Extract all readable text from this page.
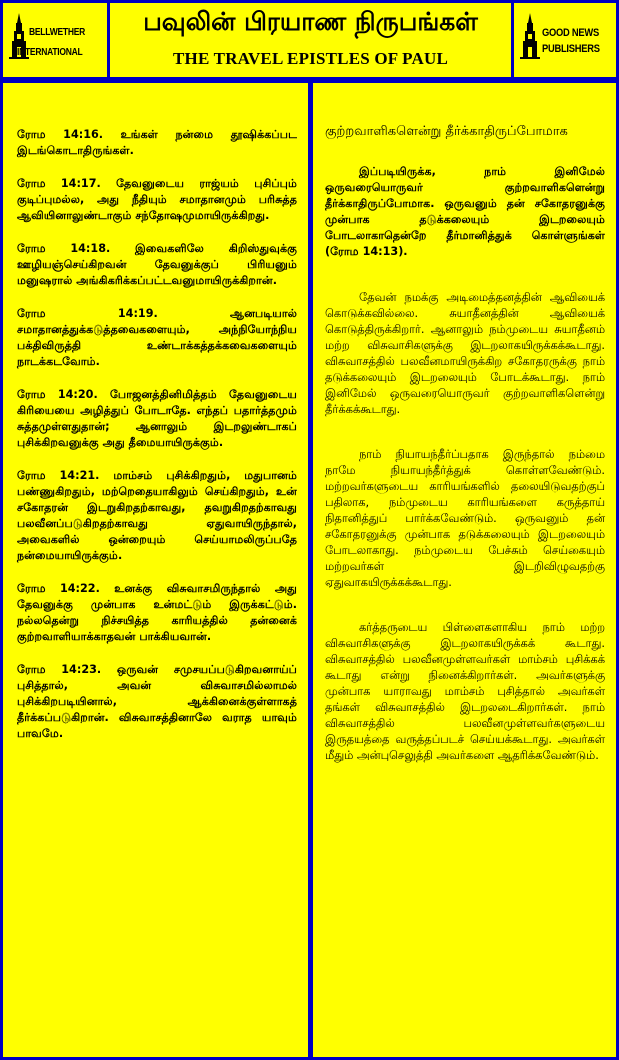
BELLWETHER
INTERNATIONAL
பவுலின் பிரயாண நிருபங்கள்
THE TRAVEL EPISTLES OF PAUL
GOOD NEWS
PUBLISHERS

ரோம 14:16. உங்கள் நன்மை தூஷிக்கப்பட இடங்கொடாதிருங்கள்.

ரோம 14:17. தேவனுடைய ராஜ்யம் புசிப்பும் குடிப்புமல்ல, அது நீதியும் சமாதானமும் பரிசுத்த ஆவியினாலுண்டாகும் சந்தோஷமுமாயிருக்கிறது.

ரோம 14:18. இவைகளிலே கிறிஸ்துவுக்கு ஊழியஞ்செய்கிறவன் தேவனுக்குப் பிரியனும் மனுஷரால் அங்கிகரிக்கப்பட்டவனுமாயிருக்கிறான்.

ரோம 14:19. ஆனபடியால் சமாதானத்துக்கடுத்தவைகளையும், அந்நியோந்நிய பக்திவிருத்தி உண்டாக்கத்தக்கவைகளையும் நாடக்கடவோம்.

ரோம 14:20. போஜனத்தினிமித்தம் தேவனுடைய கிரியையை அழித்துப் போடாதே. எந்தப் பதார்த்தமும் சுத்தமுள்ளதுதான்; ஆனாலும் இடறலுண்டாகப் புசிக்கிறவனுக்கு அது தீமையாயிருக்கும்.

ரோம 14:21. மாம்சம் புசிக்கிறதும், மதுபானம் பண்ணுகிறதும், மற்றெதையாகிலும் செய்கிறதும், உன் சகோதரன் இடறுகிறதற்காவது, தவறுகிறதற்காவது பலவீனப்படுகிறதற்காவது ஏதுவாயிருந்தால், அவைகளில் ஒன்றையும் செய்யாமலிருப்பதே நன்மையாயிருக்கும்.

ரோம 14:22. உனக்கு விசுவாசமிருந்தால் அது தேவனுக்கு முன்பாக உன்மட்டும் இருக்கட்டும். நல்லதென்று நிச்சயித்த காரியத்தில் தன்னைக் குற்றவாளியாக்காதவன் பாக்கியவான்.

ரோம 14:23. ஒருவன் சமுசயப்படுகிறவனாய்ப் புசித்தால், அவன் விசுவாசமில்லாமல் புசிக்கிறபடியினால், ஆக்கினைக்குள்ளாகத் தீர்க்கப்படுகிறான். விசுவாசத்தினாலே வராத யாவும் பாவமே.

குற்றவாளிகளென்று தீர்க்காதிருப்போமாக

இப்படியிருக்க, நாம் இனிமேல் ஒருவரையொருவர் குற்றவாளிகளென்று தீர்க்காதிருப்போமாக. ஒருவனும் தன் சகோதரனுக்கு முன்பாக தடுக்கலையும் இடறலையும் போடலாகாதென்றே தீர்மானித்துக் கொள்ளுங்கள் (ரோம 14:13).

தேவன் நமக்கு அடிமைத்தனத்தின் ஆவியைக் கொடுக்கவில்லை. சுயாதீனத்தின் ஆவியைக் கொடுத்திருக்கிறார். ஆனாலும் நம்முடைய சுயாதீனம் மற்ற விசுவாசிகளுக்கு இடறலாகயிருக்கக்கூடாது. விசுவாசத்தில் பலவீனமாயிருக்கிற சகோதரருக்கு நாம் தடுக்கலையும் இடறலையும் போடக்கூடாது. நாம் இனிமேல் ஒருவரையொருவர் குற்றவாளிகளென்று தீர்க்கக்கூடாது.

நாம் நியாயந்தீர்ப்பதாக இருந்தால் நம்மை நாமே நியாயந்தீர்த்துக் கொள்ளவேண்டும். மற்றவர்களுடைய காரியங்களில் தலையிடுவதற்குப் பதிலாக, நம்முடைய காரியங்களை கருத்தாய் நிதானித்துப் பார்க்கவேண்டும். ஒருவனும் தன் சகோதரனுக்கு முன்பாக தடுக்கலையும் இடறலையும் போடலாகாது. நம்முடைய பேச்சும் செய்கையும் மற்றவர்கள் இடறிவிழுவதற்கு ஏதுவாகயிருக்கக்கூடாது.

கர்த்தருடைய பிள்ளைகளாகிய நாம் மற்ற விசுவாசிகளுக்கு இடறலாகயிருக்கக் கூடாது. விசுவாசத்தில் பலவீனமுள்ளவர்கள் மாம்சம் புசிக்கக் கூடாது என்று நினைக்கிறார்கள். அவர்களுக்கு முன்பாக யாராவது மாம்சம் புசித்தால் அவர்கள் தங்கள் விசுவாசத்தில் இடறலடைகிறார்கள். நாம் விசுவாசத்தில் பலவீனமுள்ளவர்களுடைய இருதயத்தை வருத்தப்படச் செய்யக்கூடாது. அவர்கள் மீதும் அன்புசெலுத்தி அவர்களை ஆதரிக்கவேண்டும்.
